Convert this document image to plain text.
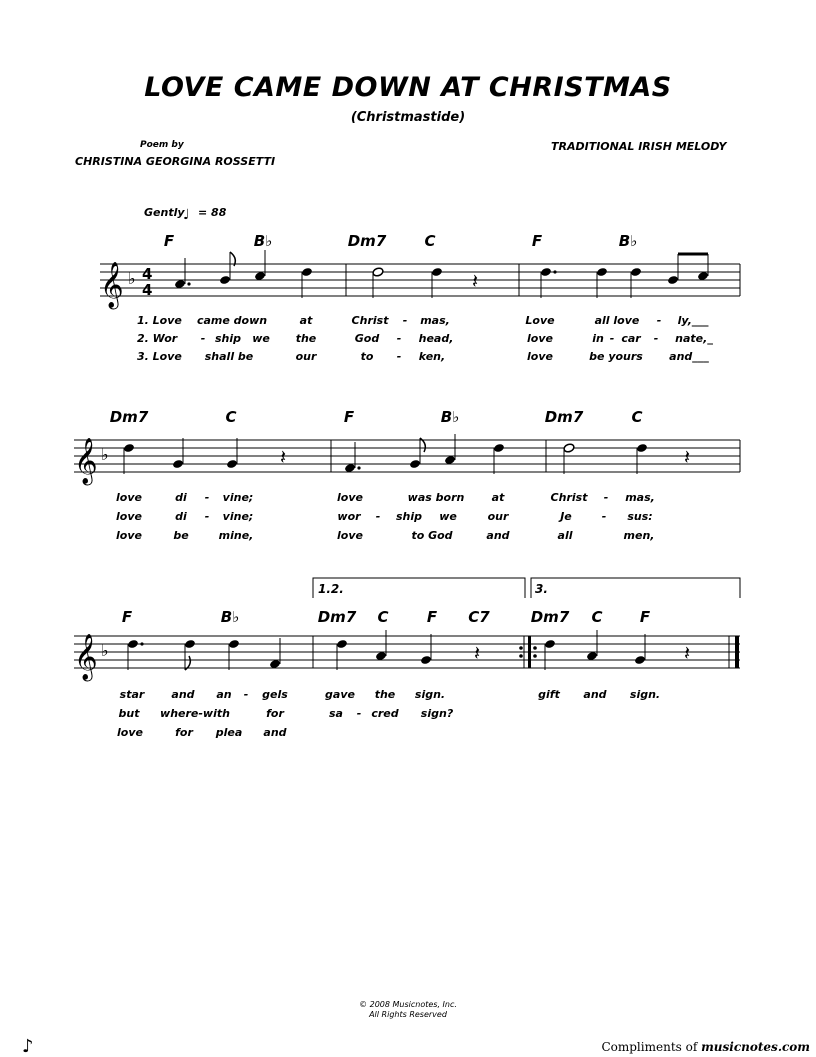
LOVE CAME DOWN AT CHRISTMAS
(Christmastide)
Poem by
CHRISTINA GEORGINA ROSSETTI
TRADITIONAL IRISH MELODY
Gently = 88
𝄞 ♭
𝄞 ♭
𝄞 ♭
4
4
♩
𝄽
𝄽	𝄽
𝄽	𝄽
F	B♭	Dm7	C	F	B♭
1. Love came down	at	Christ - mas,	Love	all love - ly,___
2. Wor - ship we the	God - head,	love	in - car - nate,_
3. Love shall be	our	to - ken,	love	be yours and___
Dm7	C	F	B♭	Dm7	C
love	di - vine;	love	was born at	Christ - mas,
love	di - vine;	wor - ship we	our	Je	- sus:
love	be	mine,	love	to God	and	all	men,
1.2.	3.
F	B♭	Dm7 C	F C7	Dm7 C F
star and an - gels	gave the sign.	gift and sign.
but where-with	for	sa - cred sign?
love	for plea and
© 2008 Musicnotes, Inc.
All Rights Reserved
♪	Compliments of musicnotes.com
